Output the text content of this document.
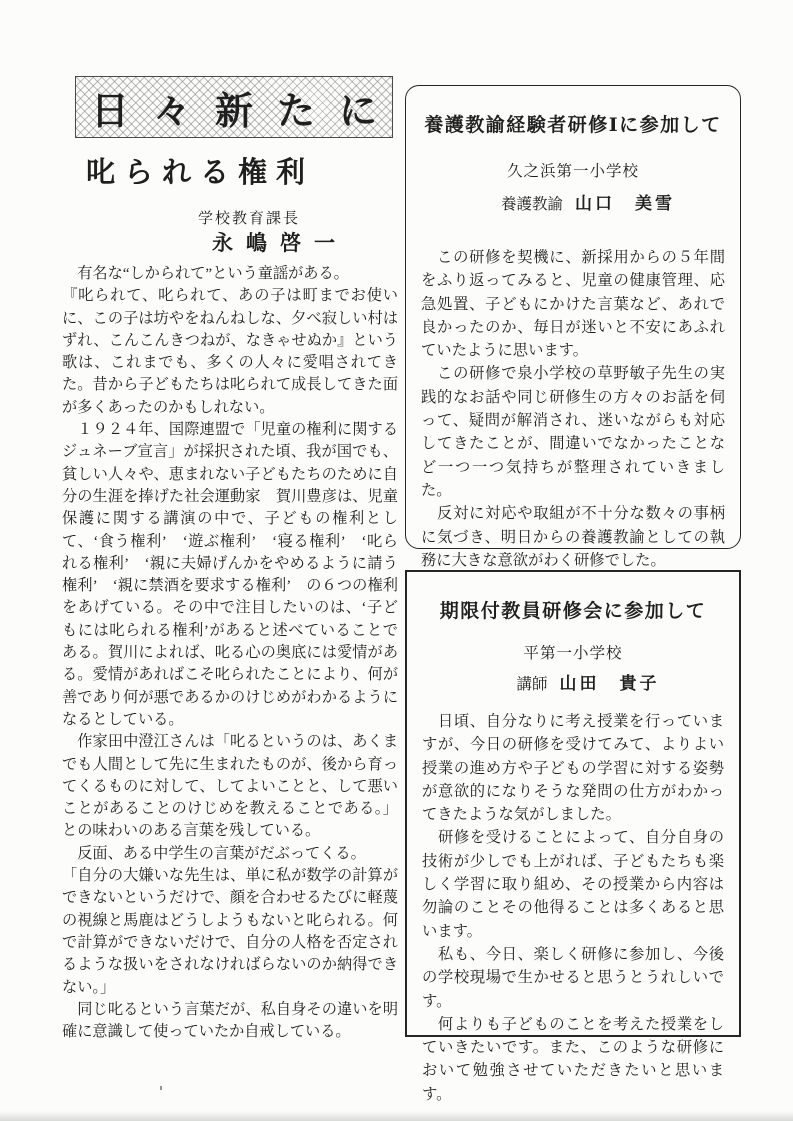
日々新たに
叱られる権利
学校教育課長
永嶋啓一

　有名な“しかられて”という童謡がある。

『叱られて、叱られて、あの子は町までお使いに、この子は坊やをねんねしな、夕べ寂しい村はずれ、こんこんきつねが、なきゃせぬか』という歌は、これまでも、多くの人々に愛唱されてきた。昔から子どもたちは叱られて成長してきた面が多くあったのかもしれない。

　１９２４年、国際連盟で「児童の権利に関するジュネーブ宣言」が採択された頃、我が国でも、貧しい人々や、恵まれない子どもたちのために自分の生涯を捧げた社会運動家　賀川豊彦は、児童保護に関する講演の中で、子どもの権利として、‘食う権利’　‘遊ぶ権利’　‘寝る権利’　‘叱られる権利’　‘親に夫婦げんかをやめるように請う権利’　‘親に禁酒を要求する権利’　の６つの権利をあげている。その中で注目したいのは、‘子どもには叱られる権利’があると述べていることである。賀川によれば、叱る心の奥底には愛情がある。愛情があればこそ叱られたことにより、何が善であり何が悪であるかのけじめがわかるようになるとしている。

　作家田中澄江さんは「叱るというのは、あくまでも人間として先に生まれたものが、後から育ってくるものに対して、してよいことと、して悪いことがあることのけじめを教えることである。」との味わいのある言葉を残している。

　反面、ある中学生の言葉がだぶってくる。

「自分の大嫌いな先生は、単に私が数学の計算ができないというだけで、顔を合わせるたびに軽蔑の視線と馬鹿はどうしようもないと叱られる。何で計算ができないだけで、自分の人格を否定されるような扱いをされなければらないのか納得できない。」

　同じ叱るという言葉だが、私自身その違いを明確に意識して使っていたか自戒している。

養護教諭経験者研修Ⅰに参加して
久之浜第一小学校
養護教諭 山口　美雪

　この研修を契機に、新採用からの５年間をふり返ってみると、児童の健康管理、応急処置、子どもにかけた言葉など、あれで良かったのか、毎日が迷いと不安にあふれていたように思います。

　この研修で泉小学校の草野敏子先生の実践的なお話や同じ研修生の方々のお話を伺って、疑問が解消され、迷いながらも対応してきたことが、間違いでなかったことなど一つ一つ気持ちが整理されていきました。

　反対に対応や取組が不十分な数々の事柄に気づき、明日からの養護教諭としての執務に大きな意欲がわく研修でした。

期限付教員研修会に参加して
平第一小学校
講師 山田　貴子

　日頃、自分なりに考え授業を行っていますが、今日の研修を受けてみて、よりよい授業の進め方や子どもの学習に対する姿勢が意欲的になりそうな発問の仕方がわかってきたような気がしました。

　研修を受けることによって、自分自身の技術が少しでも上がれば、子どもたちも楽しく学習に取り組め、その授業から内容は勿論のことその他得ることは多くあると思います。

　私も、今日、楽しく研修に参加し、今後の学校現場で生かせると思うとうれしいです。

　何よりも子どものことを考えた授業をしていきたいです。また、このような研修において勉強させていただきたいと思います。
